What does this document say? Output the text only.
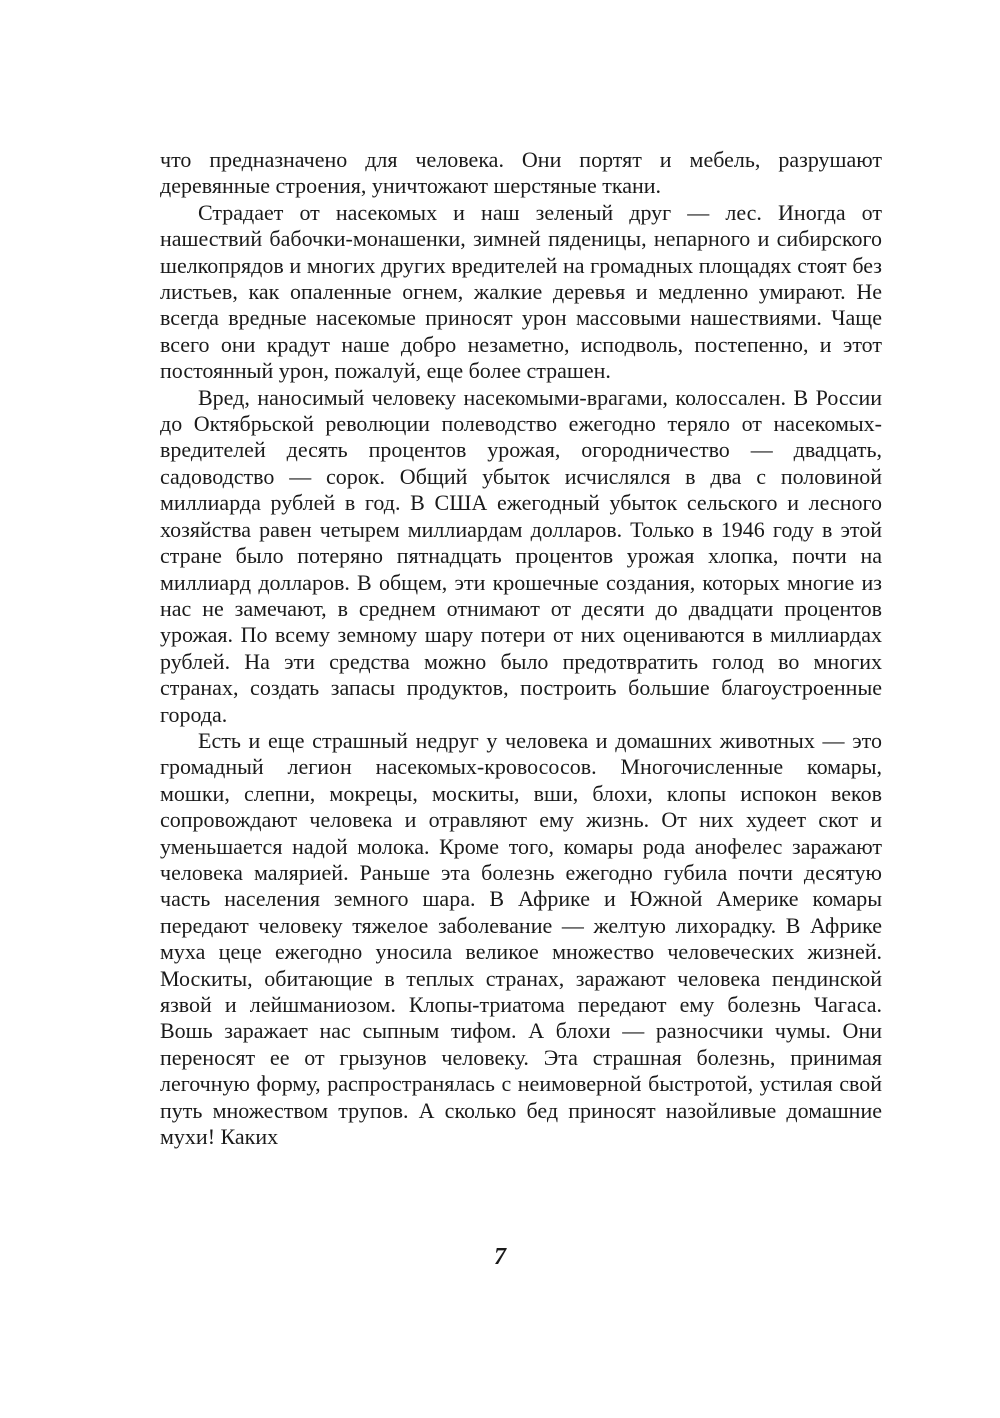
что предназначено для человека. Они портят и мебель, разрушают деревянные строения, уничтожают шерстяные ткани.

Страдает от насекомых и наш зеленый друг — лес. Иногда от нашествий бабочки-монашенки, зимней пяденицы, непарного и сибирского шелкопрядов и многих других вредителей на громадных площадях стоят без листьев, как опаленные огнем, жалкие деревья и медленно умирают. Не всегда вредные насекомые приносят урон массовыми нашествиями. Чаще всего они крадут наше добро незаметно, исподволь, постепенно, и этот постоянный урон, пожалуй, еще более страшен.

Вред, наносимый человеку насекомыми-врагами, колоссален. В России до Октябрьской революции полеводство ежегодно теряло от насекомых-вредителей десять процентов урожая, огородничество — двадцать, садоводство — сорок. Общий убыток исчислялся в два с половиной миллиарда рублей в год. В США ежегодный убыток сельского и лесного хозяйства равен четырем миллиардам долларов. Только в 1946 году в этой стране было потеряно пятнадцать процентов урожая хлопка, почти на миллиард долларов. В общем, эти крошечные создания, которых многие из нас не замечают, в среднем отнимают от десяти до двадцати процентов урожая. По всему земному шару потери от них оцениваются в миллиардах рублей. На эти средства можно было предотвратить голод во многих странах, создать запасы продуктов, построить большие благоустроенные города.

Есть и еще страшный недруг у человека и домашних животных — это громадный легион насекомых-кровососов. Многочисленные комары, мошки, слепни, мокрецы, москиты, вши, блохи, клопы испокон веков сопровождают человека и отравляют ему жизнь. От них худеет скот и уменьшается надой молока. Кроме того, комары рода анофелес заражают человека малярией. Раньше эта болезнь ежегодно губила почти десятую часть населения земного шара. В Африке и Южной Америке комары передают человеку тяжелое заболевание — желтую лихорадку. В Африке муха цеце ежегодно уносила великое множество человеческих жизней. Москиты, обитающие в теплых странах, заражают человека пендинской язвой и лейшманиозом. Клопы-триатома передают ему болезнь Чагаса. Вошь заражает нас сыпным тифом. А блохи — разносчики чумы. Они переносят ее от грызунов человеку. Эта страшная болезнь, принимая легочную форму, распространялась с неимоверной быстротой, устилая свой путь множеством трупов. А сколько бед приносят назойливые домашние мухи! Каких

7
